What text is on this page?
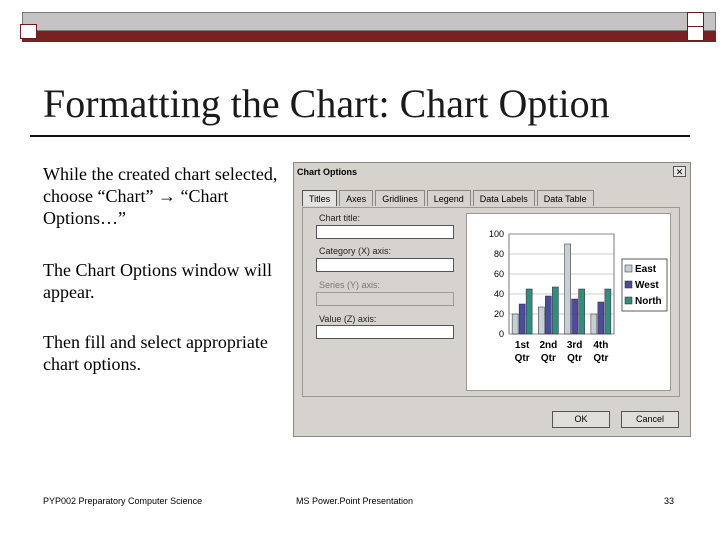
Formatting the Chart: Chart Option
While the created chart selected, choose “Chart” → “Chart Options…”
The Chart Options window will appear.
Then fill and select appropriate chart options.
Chart Options	✕
Titles	Axes	Gridlines	Legend	Data Labels	Data Table
Chart title:
Category (X) axis:
Series (Y) axis:
Value (Z) axis:
0
20
40
60
80
100
1st
Qtr
2nd
Qtr
3rd
Qtr
4th
Qtr
East
West
North
OK	Cancel
PYP002 Preparatory Computer Science	MS Power.Point Presentation	33
